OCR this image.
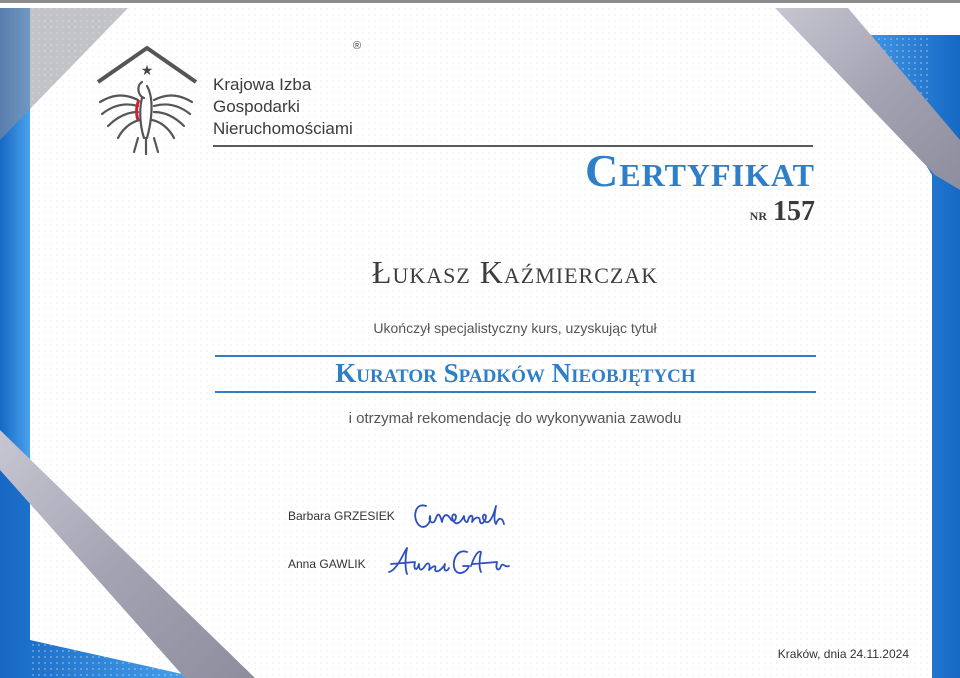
★
®
Krajowa Izba
Gospodarki
Nieruchomościami
Certyfikat
nr 157
Łukasz Kaźmierczak
Ukończył specjalistyczny kurs, uzyskując tytuł
Kurator Spadków Nieobjętych
i otrzymał rekomendację do wykonywania zawodu
Barbara GRZESIEK
Anna GAWLIK
Kraków, dnia 24.11.2024
